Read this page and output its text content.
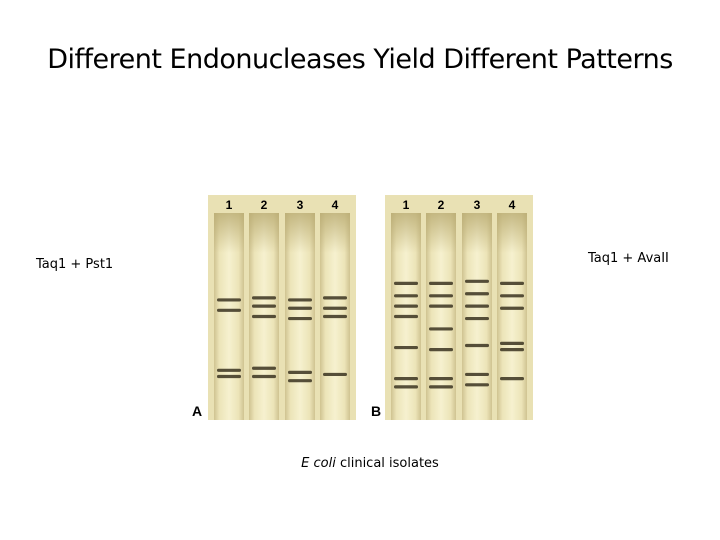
Different Endonucleases Yield Different Patterns
Taq1 + Pst1	Taq1 + AvaII
A
1 2 3 4
B
1 2 3 4
E coli clinical isolates
